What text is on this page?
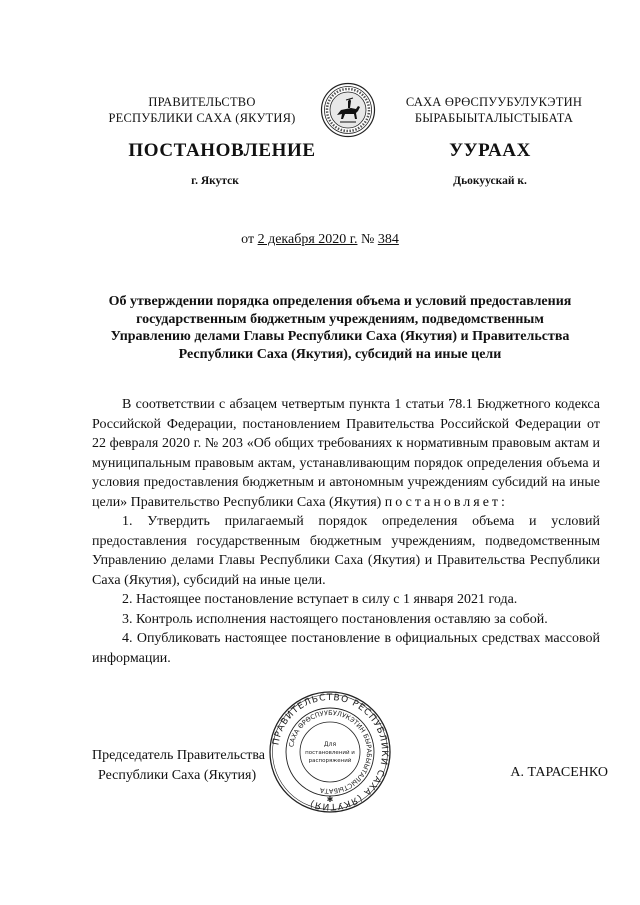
ПРАВИТЕЛЬСТВО
РЕСПУБЛИКИ САХА (ЯКУТИЯ)
САХА ӨРӨСПУУБУЛУКЭТИН
БЫРАБЫЫТАЛЫСТЫБАТА
ПОСТАНОВЛЕНИЕ	УУРААХ
г. Якутск	Дьокуускай к.
от 2 декабря 2020 г. № 384
Об утверждении порядка определения объема и условий предоставления
государственным бюджетным учреждениям, подведомственным
Управлению делами Главы Республики Саха (Якутия) и Правительства
Республики Саха (Якутия), субсидий на иные цели

В соответствии с абзацем четвертым пункта 1 статьи 78.1 Бюджетного кодекса Российской Федерации, постановлением Правительства Российской Федерации от 22 февраля 2020 г. № 203 «Об общих требованиях к нормативным правовым актам и муниципальным правовым актам, устанавливающим порядок определения объема и условия предоставления бюджетным и автономным учреждениям субсидий на иные цели» Правительство Республики Саха (Якутия) постановляет:

1. Утвердить прилагаемый порядок определения объема и условий предоставления государственным бюджетным учреждениям, подведомственным Управлению делами Главы Республики Саха (Якутия) и Правительства Республики Саха (Якутия), субсидий на иные цели.

2. Настоящее постановление вступает в силу с 1 января 2021 года.

3. Контроль исполнения настоящего постановления оставляю за собой.

4. Опубликовать настоящее постановление в официальных средствах массовой информации.

Председатель Правительства
Республики Саха (Якутия)
ПРАВИТЕЛЬСТВО РЕСПУБЛИКИ САХА (ЯКУТИЯ)
САХА ӨРӨСПУУБУЛУКЭТИН БЫРАБЫЫТАЛЫСТЫБАТА
Для
постановлений и
распоряжений
✱
А. ТАРАСЕНКО
